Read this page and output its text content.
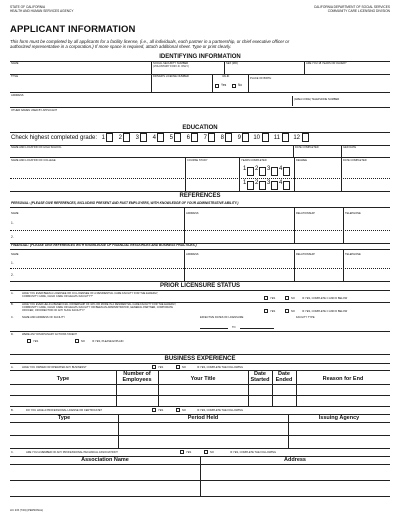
STATE OF CALIFORNIA
HEALTH AND HUMAN SERVICES AGENCY
CALIFORNIA DEPARTMENT OF SOCIAL SERVICES
COMMUNITY CARE LICENSING DIVISION
APPLICANT INFORMATION
This form must be completed by all applicants for a facility license, (i.e., all individuals, each partner in a partnership, or chief executive officer or
authorized representative in a corporation.) If more space is required, attach additional sheet. Type or print clearly.
IDENTIFYING INFORMATION
NAME	SOCIAL SECURITY NUMBER
(VOLUNTARY FOR I.D. ONLY)
SEX (M/F)	ARE YOU 18 YEARS OR OLDER?
TITLE	DRIVER'S LICENSE NUMBER	VALID
PLACE OF BIRTH
Yes	No
ADDRESS
(AREA CODE) TELEPHONE NUMBER
OTHER NAMES USED BY APPLICANT
EDUCATION
Check highest completed grade: 1	2	3	4	5	6	7	8	9 10 11 12
NAME AND LOCATION OF HIGH SCHOOL	DATE COMPLETED	GED DATE
NAME AND LOCATION OF COLLEGE	COURSE STUDY	YEARS COMPLETED	DEGREE	DATE COMPLETED
1 2 3 4
1 2 3 4
REFERENCES
PERSONAL: (PLEASE GIVE REFERENCES, INCLUDING PRESENT AND PAST EMPLOYERS, WITH KNOWLEDGE OF YOUR ADMINISTRATIVE ABILITY.)
NAME	ADDRESS	RELATIONSHIP	TELEPHONE
1.
2.
FINANCIAL: (PLEASE GIVE REFERENCES WITH KNOWLEDGE OF FINANCIAL RESOURCES AND BUSINESS PRACTICES.)
NAME	ADDRESS	RELATIONSHIP	TELEPHONE
1.
2.
PRIOR LICENSURE STATUS
A.	HAVE YOU EVER BEEN A LICENSEE OR CO-LICENSEE OF A RESIDENTIAL CARE FACILITY FOR THE ELDERLY,
COMMUNITY CARE, CHILD CARE OR HEALTH FACILITY?*
YES	NO	IF YES, COMPLETE C AND D BELOW
B.	HAVE YOU EVER HELD A BENEFICIAL OWNERSHIP OF 10% OR MORE IN A RESIDENTIAL CARE FACILITY FOR THE ELDERLY,
COMMUNITY CARE, CHILD CARE OR HEALTH FACILITY OR BEEN AN ADMINISTRATOR, GENERAL PARTNER, CORPORATE
OFFICER, OR DIRECTOR OF ANY SUCH FACILITY?	YES	NO	IF YES, COMPLETE C AND D BELOW
C.	NAME AND ADDRESS OF FACILITY	EFFECTIVE DATES OF LICENSURE	FACILITY TYPE
TO
D.	WERE ANY DISCIPLINARY ACTIONS TAKEN?
YES	NO	IF YES, PLEASE EXPLAIN
BUSINESS EXPERIENCE
A.	HAVE YOU OWNED OR OPERATED ANY BUSINESS?	YES	NO	IF YES, COMPLETE THE FOLLOWING
Type
Number of
Employees	Your Title
Date
Started
Date
Ended	Reason for End
B.	DO YOU HAVE A PROFESSIONAL LICENSE OR CERTIFICATE?	YES	NO	IF YES, COMPLETE THE FOLLOWING
Type	Period Held	Issuing Agency
C.	ARE YOU A MEMBER OF ANY PROFESSIONAL/TECHNICAL ASSOCIATION?	YES	NO	IF YES, COMPLETE THE FOLLOWING
Association Name	Address
LIC 215 (7/04) (PERSONAL)
